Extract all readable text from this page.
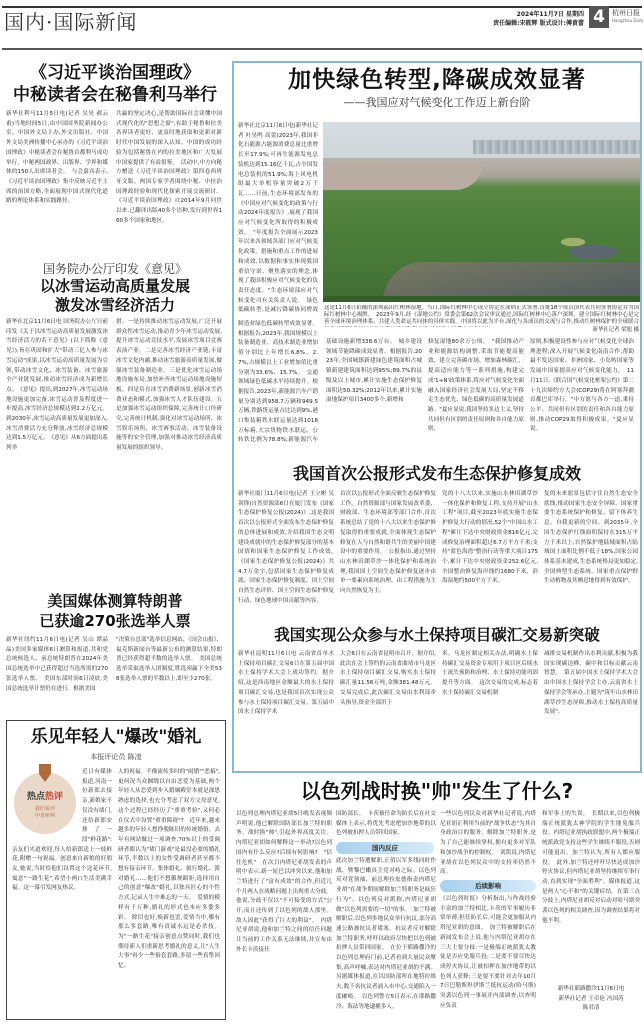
国内·国际新闻	2024年11月7日 星期四
责任编辑:宋筱辉 版式设计:傅黄蕾 4	杭州日报
Hangzhou Daily
《习近平谈治国理政》
中秘读者会在秘鲁利马举行
新华社利马11月5日电(记者 吴昊 郝云甫)当地时间5日,由中国国务院新闻办公室、中国外文局主办,外文出版社、中国外文局美洲传播中心承办的《习近平谈治国理政》中秘读者会在秘鲁首都利马成功举行。中秘两国政界、出版界、学界和媒体的150人出席读者会。　与会嘉宾表示,《习近平谈治国理政》集中反映习近平主席的治国方略,全面展现中国式现代化道路的理论体系和实践路径。
共赢的坚定决心,是帮助国际社会读懂中国式现代化的"思想之窗",有助于秘鲁和拉美各界读者更好、更及时地获取和更新对新时代中国发展的深入认知。中国的成功经验为包括秘鲁在内的拉美地区和广大发展中国家提供了有益借鉴。　活动中,中方向秘方赠送《习近平谈治国理政》第四卷西班牙文版。两国专家学者围绕中秘、中拉治国理政经验和现代化探索开展交流研讨。《习近平谈治国理政》自2014年9月问世以来,已翻译出版40多个语种,发行到世界160多个国家和地区。
国务院办公厅印发《意见》
以冰雪运动高质量发展
激发冰雪经济活力
新华社北京11月6日电 国务院办公厅日前印发《关于以冰雪运动高质量发展激发冰雪经济活力的若干意见》(以下简称《意见》),旨在巩固和扩大"带动三亿人参与冰雪运动"成果,以冰雪运动高质量发展为引领,带动冰雪文化、冰雪装备、冰雪旅游全产业链发展,推动冰雪经济成为新增长点。　《意见》提出,到2027年,冰雪运动场地设施更加完备,冰雪运动普及程度进一步提高,冰雪经济总规模达到1.2万亿元。到2030年,冰雪运动高质量发展更加深入,冰雪消费活力充分释放,冰雪经济总规模达到1.5万亿元。　《意见》从6方面提出系列举
措。一是持续推动冰雪运动发展,广泛开展群众性冰雪运动,推动青少年冰雪运动发展,提升冰雪运动竞技水平,发展冰雪项目竞赛表演产业。二是完善冰雪经济产业链,丰富冰雪文化内涵,推动冰雪旅游高质量发展,做强冰雪装备制造业。三是优化冰雪运动场地设施布局,加快补齐冰雪运动场地设施短板。四是培育冰雪消费新场景,创新冰雪消费业态和模式,加强冰雪人才队伍建设。五是加强冰雪运动组织保障,完善统计口径研究,完善统计机制,强化对冰雪运动场所、冰雪娱乐场所、冰雪赛事活动、冰雪装备设施等的安全管理,加强对推动冰雪经济高质量发展的组织领导。
美国媒体测算特朗普
已获逾270张选举人票
新华社纽约11月6日电(记者 吴山 谭晶晶)美国多家媒体6日测算和报道,共和党总统候选人、前总统特朗普在2024年美国总统选举中已获得超过当选所需的270张选举人票。　美国东部时间6日凌晨,美国总统选举计票仍在进行。根据美国
"决策台总部"选举信息网站、《国会山报》、福克斯新闻台等最新公布的测算结果,特朗普已经获得超半数的选举人票。　美国总统选举采取选举人团制度,胜选须赢下全美538张选举人票的半数以上,即至少270张。
乐见年轻人"爆改"婚礼
本报评论员 陈凌
热点热评
我们说评
中肯犀利
近日有媒体报道,河南一位新郎去接亲,新娘家不仅没有堵门,还给新郎安排了一段"鲜花路":亲友们夹道欢迎,每人给新郎送上一枝鲜花,附赠一句祝福。创意来自新娘的好朋友,她说,当时给他们设置这个送花环节,寓意"一路生花",希望小两口生活美满幸福。这一幕引发网友热议。
人的祝福。不像流传多时的"闹婚""恶搞",更何况当众捆绑以自由恋爱为基础,两个年轻人从恋爱到步入婚姻殿堂本就是深思熟虑的选择,也充分考虑了双方父母意见,这个过程已经经历了"重重考验",又何必在仪式中设置"重重障碍"?　近年来,越来越多的年轻人想挣脱陈旧的传统婚俗。去年有网站做过一项调查,70%以上的受调研者都认为"堵门游戏"是最没必要的婚礼环节,半数以上的女性受调研者甚至都不想有接亲环节。集体婚礼、旅行婚礼、派对婚礼……他们不想循规蹈矩,选择用自己的创意"爆改"婚礼,以独具匠心的个性方式,记录人生中难忘的一天。　爱情的模样有千万种,婚礼的形式也本应多姿多彩。 除旧也好,焕新也罢,爱情当中,哪有那么多套路,唯有真诚永远是必杀技。为"一路生花"接亲创意点赞同时,我们也期待新人们重新思考婚礼的意义,让"人生大事"再少一些俗套套路,多留一些真挚回忆。
加快绿色转型,降碳成效显著
——我国应对气候变化工作迈上新台阶
新华社北京11月6日电(新华社记者 叶昊鸣 高蕾)2023年,我国非化石能源占能源消费总量比重增长至17.9%;可再生能源发电总装机达到15.16亿千瓦,占全国发电总装机的51.9%;海上风电机组最大单机容量突破2万千瓦……日前,生态环境部发布的《中国应对气候变化的政策与行动2024年度报告》,展现了我国应对气候变化所取得的积极成效。　"年度报告全面展示2023年以来各领域各部门应对气候变化政策、措施和重点工作的进展和成效,以数据和事实体现我国重信守诺、聚焦落实的理念,体现了我国积极应对气候变化的负责任态度。"生态环境部应对气候变化司有关负责人说。　绿色低碳转型,是减污降碳协同增效 这是11月6日拍摄的深圳福田红树林湿地。当日,国际红树林中心成立协定在深圳正式签署,首批18个成员国代表共同签署协定并为国际红树林中心揭牌。　2023年9月,经《湿地公约》常委会第62次会议审议通过,国际红树林中心落户深圳。建立国际红树林中心是完善全球环境治理体系、共建人类命运共同体的具体实践。中国将以此为平台,深化与各成员的交流与合作,推动红树林保护的全球联合
新华社记者 梁旭 摄
制造业绿色低碳转型成效显著。根据报告,2023年,我国规模以上装备制造业、高技术制造业增加值分别比上年增长6.8%、2.7%,占规模以上工业增加值比重分别为33.6%、15.7%。　交通领域绿色低碳水平持续提升。根据报告,2023年,新能源汽车产销量分别达到958.7万辆和949.5万辆,铁路货运量占比达到9%,港口集装箱铁水联运量达到1018万标箱,大宗货物铁水联运、公转铁比例为78.8%;新能源汽车
基础设施新增338.6万台。　城乡建设领域节能降碳成效显著。根据报告,2023年,全国城镇新建绿色建筑面积占城镇新建建筑面积达到95%;89.7%的县级及以上城市,累计实施生态保护修复面积达50.32%;2012年以来,累计实施湿地保护项目3400多个,新增和
修复湿地80余万公顷。　"我国推动产业和能源结构调整,采取节能提高能效、建立完善碳市场、增加森林碳汇、提高适应能力等一系列措施,构建完成'1+N'政策体系,将应对气候变化全面融入国家经济社会发展大局,坚定不移走生态优先、绿色低碳的高质量发展道路。"夏应显说,我国坚持多边主义,坚持共同但有区别的责任原则和各自能力原则,
原则,积极建设性参与应对气候变化全球治理进程;深入开展气候变化南南合作,帮助最不发达国家、非洲国家、小岛屿国家等发展中国家提高应对气候变化能力。　11月11日,《联合国气候变化框架公约》第二十九次缔约方大会(COP29)将在阿塞拜疆首都巴库举行。"中方愿与各方一道,秉持公平、共同但有区别的责任和各自能力原则,推动COP29取得积极成果。"夏应显说。
我国首次公报形式发布生态保护修复成效
新华社厦门11月6日电(记者 王立彬 吴剑锋)自然资源部6日在厦门发布《国家生态保护修复公报(2024)》,这是我国首次以公报形式全面发布生态保护修复的总体进展和成效,介绍我国生态文明建设成就中的生态保护修复部分的基本国情和国家生态保护修复工作成效。　《国家生态保护修复公报(2024)》共4.7万余字,包括国家生态保护修复成就、国家生态保护修复制度、国土空间自然生态评价、国土空间生态保护修复行动、绿色地球中国贡献等内容。
首次以公报形式全面反映生态保护修复工作。自然资源部与国家发展改革委、财政部、生态环境部等部门合作,首次系统总结了党的十八大以来生态保护修复取得的重要成就,全面体现生态保护修复在人与自然和谐共生的美丽中国建设中的重要作用。　公报指出,通过坚持山水林田湖草沙一体化保护和系统治理,我国国土空间生态保护修复逐步由单一要素向系统治理、由工程措施为主向自然恢复为主。
党的十八大以来,实施山水林田湖草沙一体化保护和修复工程,支持开展"山水工程"项目,截至2023年底实施生态保护修复大行动的情况,52个"中国山水工程"累计下达中央财政资金816亿元,完成修复治理面积超过6.7万平方千米;支持"蓝色海湾"整治行动等重大项目175个,累计下达中央财政资金252.6亿元,全国整治修复海岸线约1680千米、滨海湿地约500平方千米。
复的未来愿景包括守住自然生态安全底线,推动国家生态安全屏障、国家重要生态系统保护和修复、留下休养生息、自我更新的空间。到2035年,全国生态保护红线面积保持在315万平方千米以上,自然保护地陆域面积占陆域国土面积比例不低于18%,国家公园体系基本建成,生态系统格局更加稳定,全国典型生态系统、国家重点保护野生动植物及其栖息地得到有效保护。
我国实现公众参与水土保持项目碳汇交易新突破
新华社昆明11月6日电 云南省首单水土保持项目碳汇交易6日在第五届中国水土保持学术大会上成功签约。据介绍,这是西南地区金额最大的水土保持项目碳汇交易,也是我国首次实现公众参与水土保持项目碳汇交易。第五届中国水土保持学术
大会6日在云南省昆明市召开。据介绍,此次在会上签约的云南省曲靖市马龙区水土保持项目碳汇交易,购买水土保持碳汇量11.56万吨,金额381.48万元。交易完成后,此次碳汇交易由水利部牵头指导,资金全部用于
米。马龙区制定相关办法,明确水土保持碳汇交易资金专项用于项目区后续水土流失预防和治理、水土保持功能巩固提升等方面。　这次交易的完成,标志着水土保持碳汇交易机制
减排交易机制作出水利贡献,积极为我国实现碳达峰、碳中和目标贡献云南智慧。　第五届中国水土保持学术大会由中国水土保持学会主办,云南省水土保持学会等承办,主题为"筑牢山水林田湖草沙生态屏障,推动水土保持高质量发展"。
以色列战时换"帅"发生了什么?
以色列总理内塔尼亚胡5日晚发表视频声明说,他已解除国防部长加兰特的职务。战时换"帅",引起外界高度关注。内塔尼亚胡如何解释这一举动?以色列国内有什么反应?后续有何影响?　"信任危机"　在次日内塔尼亚胡发表的声明中表示,新一轮巴以冲突以来,他和加兰特进行了"富有成效"的合作,但近几个月两人在战略问题上出现重大分歧。他说,分歧不仅以"不可接受的方式"公开,而且还传到了以色列的敌人那里。敌人因此"获得了巨大的利益"。　内塔尼亚胡说,他和加兰特之间的信任问题让当前的工作关系无法继续,并宣布由外长卡茨接任
国防部长。　卡茨被任命为防长后在社交媒体上表示,将优先考虑把加沙地带的以色列被扣押人员带回国家。
国内反应
此次加兰特遭解职,正值以军多线同时作战、暨黎巴嫩真主党对峙之际。以色列反对党领袖、前总理拉皮德指责内塔尼亚胡"在战争期间解除加兰特职务是疯狂行为"。以色列反对派称,内塔尼亚胡做"以色列需要的一切"的事。　加兰特被解职后,以色列多地民众举行抗议,部分高速公路被抗议者堵塞。抗议者反对解除加兰特职务,呼吁以政府尽快把以色列被扣押人员带回国家。　在位于耶路撒冷的以色列总理府门前,记者看到大量民众聚集,高声呼喊,表达对内塔尼亚胡的不满。另据媒体报道,在以国防部所在地特拉维夫,数千名抗议者涌入市中心,交通陷入一度瘫痪。　以色列警方5日表示,在耶路撒冷、海法等地逮捕多人。
一些以色列民众对新华社记者说,内塔尼亚胡正利用当前的"战争状态"为其自身政治目的服务。解除加兰特职务,是为了自己能继续掌权,拥有更多对军队和加沙战争的控制权。　刘凯说,内塔尼亚胡在以色列民众中的支持率仍然不高。
后续影响
《以色列时报》分析指出,与作战经验丰富的加兰特相比,卡茨的军事履历非常单薄,担任防长后,可能会更加服从内塔尼亚胡的意图。　加兰特被解职后在新闻发布会上说,他与内塔尼亚胡存在三大主要分歧:一是极端正统派犹太教徒是否应免服兵役;二是要不要尽快达成停火协议,让被扣押在加沙地带的以色列人获释;三是要不要针对去年10月7日巴勒斯坦伊斯兰抵抗运动(哈马斯)突袭以色列一事展开内部调查,以查明应负责
和军事上的失误。　长期以来,以色列极端正统派犹太神学院的学生能免服兵役。内塔尼亚胡执政联盟中,两个极端正统派政党支持这些学生继续不服役,否则可能退出。加兰特认为,所有人都应服役。　此外,加兰特还呼吁尽快达成加沙停火协议,但内塔尼亚胡坚持继续军事行动,直到实现"全面胜利"。媒体报道,这是两人"心不和"的关键症结。在第三点分歧上,内塔尼亚胡反对启动对哈马斯突袭以色列的相关调查,因为调查结果将对他不利。
新华社耶路撒冷11月6日电
新华社记者 王卓伦 冯国芮
陈君清
